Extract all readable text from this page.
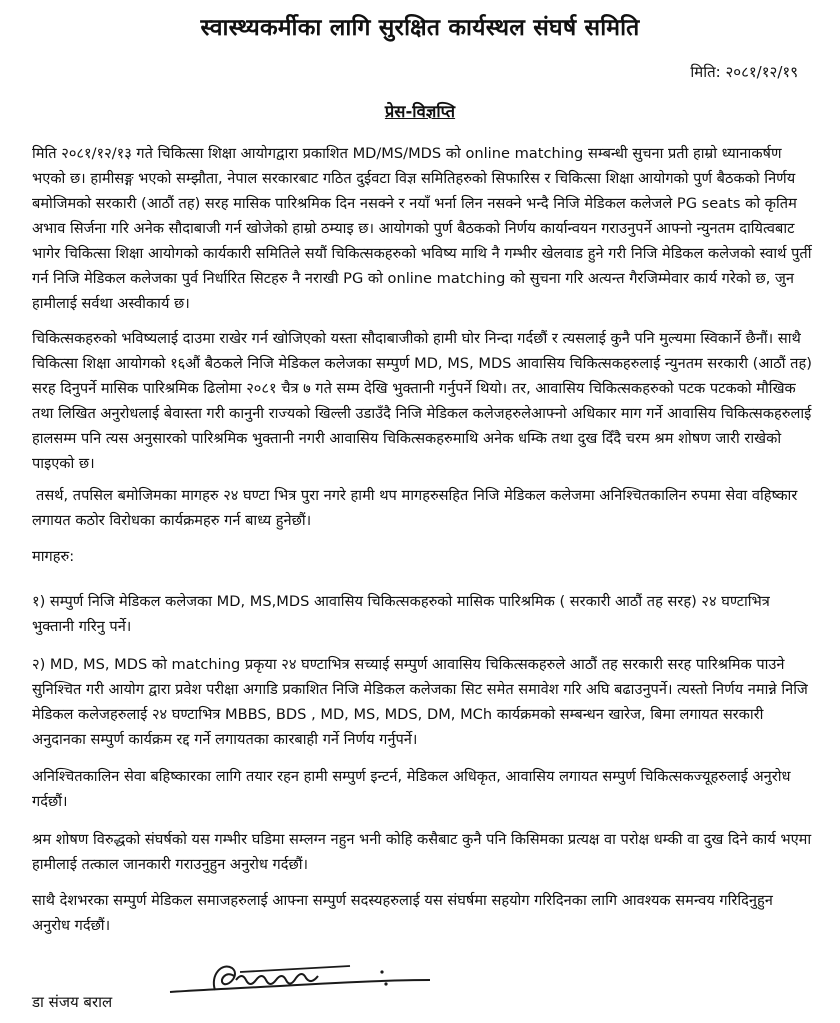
स्वास्थ्यकर्मीका लागि सुरक्षित कार्यस्थल संघर्ष समिति
मिति: २०८१/१२/१९
प्रेस-विज्ञप्ति

मिति २०८१/१२/१३ गते चिकित्सा शिक्षा आयोगद्वारा प्रकाशित MD/MS/MDS को online matching सम्बन्धी सुचना प्रती हाम्रो ध्यानाकर्षण भएको छ। हामीसङ्ग भएको सम्झौता, नेपाल सरकारबाट गठित दुईवटा विज्ञ समितिहरुको सिफारिस र चिकित्सा शिक्षा आयोगको पुर्ण बैठकको निर्णय बमोजिमको सरकारी (आठौं तह) सरह मासिक पारिश्रमिक दिन नसक्ने र नयाँ भर्ना लिन नसक्ने भन्दै निजि मेडिकल कलेजले PG seats को कृतिम अभाव सिर्जना गरि अनेक सौदाबाजी गर्न खोजेको हाम्रो ठम्याइ छ। आयोगको पुर्ण बैठकको निर्णय कार्यान्वयन गराउनुपर्ने आफ्नो न्युनतम दायित्वबाट भागेर चिकित्सा शिक्षा आयोगको कार्यकारी समितिले सयौं चिकित्सकहरुको भविष्य माथि नै गम्भीर खेलवाड हुने गरी निजि मेडिकल कलेजको स्वार्थ पुर्ती गर्न निजि मेडिकल कलेजका पुर्व निर्धारित सिटहरु नै नराखी PG को online matching को सुचना गरि अत्यन्त गैरजिम्मेवार कार्य गरेको छ, जुन हामीलाई सर्वथा अस्वीकार्य छ।

चिकित्सकहरुको भविष्यलाई दाउमा राखेर गर्न खोजिएको यस्ता सौदाबाजीको हामी घोर निन्दा गर्दछौं र त्यसलाई कुनै पनि मुल्यमा स्विकार्ने छैनौं। साथै चिकित्सा शिक्षा आयोगको १६औं बैठकले निजि मेडिकल कलेजका सम्पुर्ण MD, MS, MDS आवासिय चिकित्सकहरुलाई न्युनतम सरकारी (आठौं तह) सरह दिनुपर्ने मासिक पारिश्रमिक ढिलोमा २०८१ चैत्र ७ गते सम्म देखि भुक्तानी गर्नुपर्ने थियो। तर, आवासिय चिकित्सकहरुको पटक पटकको मौखिक तथा लिखित अनुरोधलाई बेवास्ता गरी कानुनी राज्यको खिल्ली उडाउँदै निजि मेडिकल कलेजहरुलेआफ्नो अधिकार माग गर्ने आवासिय चिकित्सकहरुलाई हालसम्म पनि त्यस अनुसारको पारिश्रमिक भुक्तानी नगरी आवासिय चिकित्सकहरुमाथि अनेक धम्कि तथा दुख दिँदै चरम श्रम शोषण जारी राखेको पाइएको छ।

तसर्थ, तपसिल बमोजिमका मागहरु २४ घण्टा भित्र पुरा नगरे हामी थप मागहरुसहित निजि मेडिकल कलेजमा अनिश्चितकालिन रुपमा सेवा वहिष्कार लगायत कठोर विरोधका कार्यक्रमहरु गर्न बाध्य हुनेछौं।

मागहरु:

१) सम्पुर्ण निजि मेडिकल कलेजका MD, MS,MDS आवासिय चिकित्सकहरुको मासिक पारिश्रमिक ( सरकारी आठौं तह सरह) २४ घण्टाभित्र भुक्तानी गरिनु पर्ने।

२) MD, MS, MDS को matching प्रकृया २४ घण्टाभित्र सच्याई सम्पुर्ण आवासिय चिकित्सकहरुले आठौं तह सरकारी सरह पारिश्रमिक पाउने सुनिश्चित गरी आयोग द्वारा प्रवेश परीक्षा अगाडि प्रकाशित निजि मेडिकल कलेजका सिट समेत समावेश गरि अघि बढाउनुपर्ने। त्यस्तो निर्णय नमान्ने निजि मेडिकल कलेजहरुलाई २४ घण्टाभित्र MBBS, BDS , MD, MS, MDS, DM, MCh कार्यक्रमको सम्बन्धन खारेज, बिमा लगायत सरकारी अनुदानका सम्पुर्ण कार्यक्रम रद्द गर्ने लगायतका कारबाही गर्ने निर्णय गर्नुपर्ने।

अनिश्चितकालिन सेवा बहिष्कारका लागि तयार रहन हामी सम्पुर्ण इन्टर्न, मेडिकल अधिकृत, आवासिय लगायत सम्पुर्ण चिकित्सकज्यूहरुलाई अनुरोध गर्दछौं।

श्रम शोषण विरुद्धको संघर्षको यस गम्भीर घडिमा सम्लग्न नहुन भनी कोहि कसैबाट कुनै पनि किसिमका प्रत्यक्ष वा परोक्ष धम्की वा दुख दिने कार्य भएमा हामीलाई तत्काल जानकारी गराउनुहुन अनुरोध गर्दछौं।

साथै देशभरका सम्पुर्ण मेडिकल समाजहरुलाई आफ्ना सम्पुर्ण सदस्यहरुलाई यस संघर्षमा सहयोग गरिदिनका लागि आवश्यक समन्वय गरिदिनुहुन अनुरोध गर्दछौं।

डा संजय बराल
